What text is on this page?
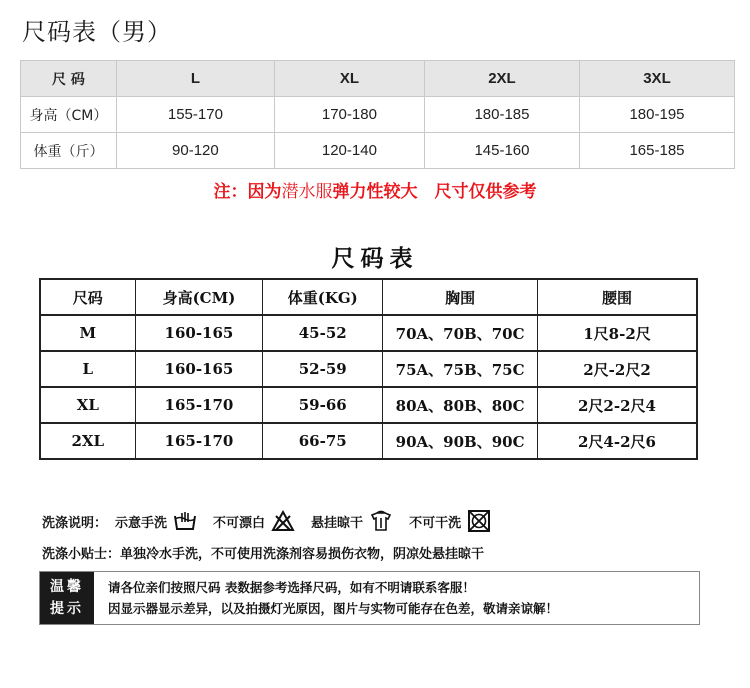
尺码表（男）
尺 码	L	XL	2XL	3XL
身高（CM）	155-170	170-180	180-185	180-195
体重（斤）	90-120	120-140	145-160	165-185
注：因为潜水服弹力性较大　尺寸仅供参考
尺码表
尺码	身高(CM)	体重(KG)	胸围	腰围
M	160-165	45-52	70A、70B、70C	1尺8-2尺
L	160-165	52-59	75A、75B、75C	2尺-2尺2
XL	165-170	59-66	80A、80B、80C	2尺2-2尺4
2XL	165-170	66-75	90A、90B、90C	2尺4-2尺6
洗涤说明： 示意手洗	不可漂白	悬挂晾干	不可干洗
洗涤小贴士：单独冷水手洗，不可使用洗涤剂容易损伤衣物，阴凉处悬挂晾干
温馨
提示
请各位亲们按照尺码 表数据参考选择尺码，如有不明请联系客服！
因显示器显示差异，以及拍摄灯光原因，图片与实物可能存在色差，敬请亲谅解！
